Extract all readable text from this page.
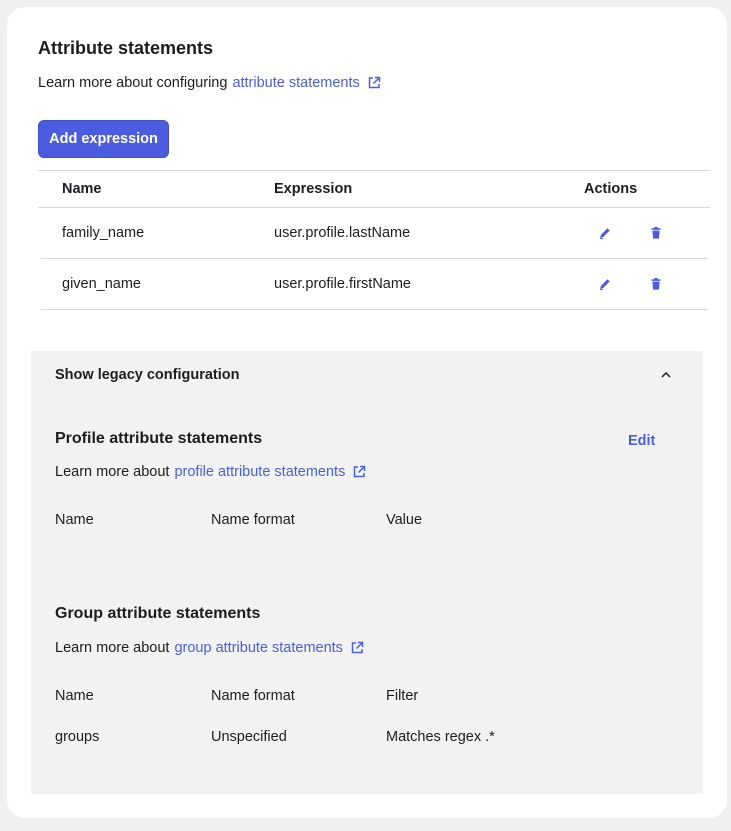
Attribute statements
Learn more about configuring attribute statements
Add expression
Name	Expression	Actions
family_name	user.profile.lastName
given_name	user.profile.firstName
Show legacy configuration
Profile attribute statements	Edit
Learn more about profile attribute statements
Name	Name format	Value
Group attribute statements
Learn more about group attribute statements
Name	Name format	Filter
groups	Unspecified	Matches regex .*
